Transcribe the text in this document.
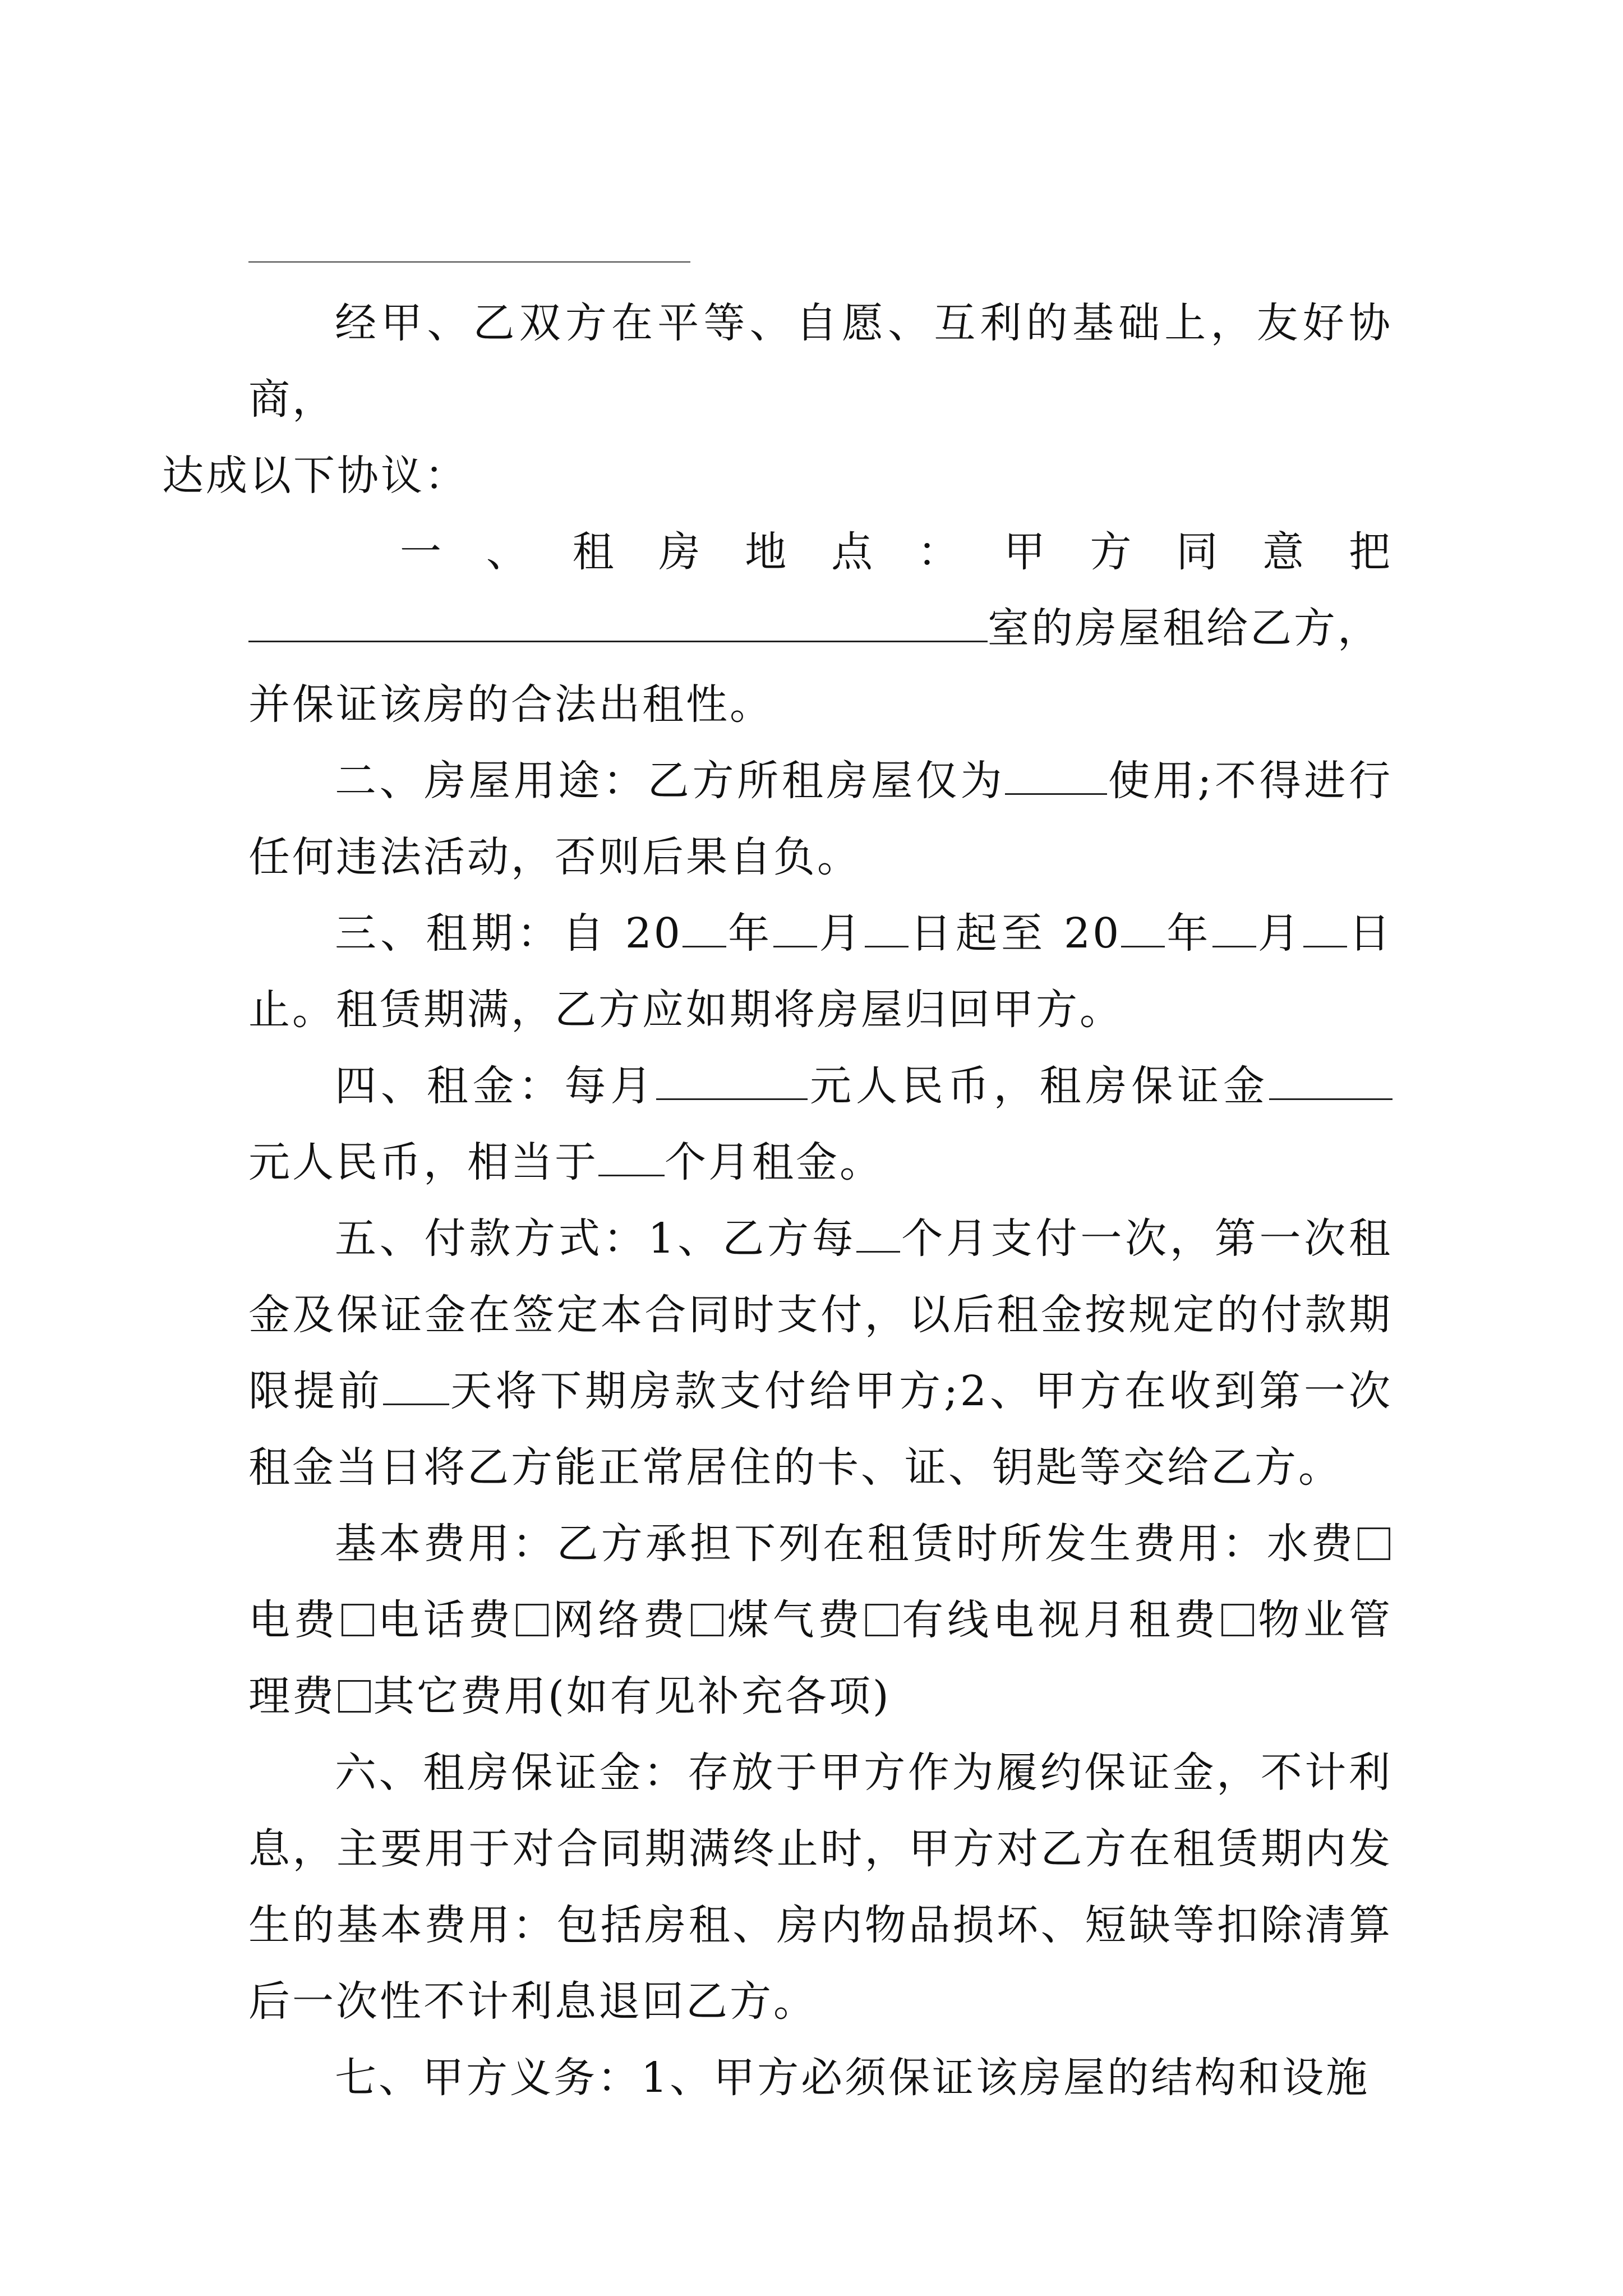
经甲、乙双方在平等、自愿、互利的基础上，友好协商，
达成以下协议：

一 、 租 房 地 点 ： 甲 方 同 意 把
室的房屋租给乙方，
并保证该房的合法出租性。

二、房屋用途：乙方所租房屋仅为 使用;不得进行任何违法活动，否则后果自负。

三、租期：自 20 年 月 日起至 20 年 月 日止。租赁期满，乙方应如期将房屋归回甲方。

四、租金：每月	元人民币，租房保证金元人民币，相当于 个月租金。

五、付款方式：1、乙方每 个月支付一次，第一次租金及保证金在签定本合同时支付，以后租金按规定的付款期限提前 天将下期房款支付给甲方;2、甲方在收到第一次租金当日将乙方能正常居住的卡、证、钥匙等交给乙方。

基本费用：乙方承担下列在租赁时所发生费用：水费电费 电话费 网络费 煤气费 有线电视月租费 物业管理费 其它费用(如有见补充各项)

六、租房保证金：存放于甲方作为履约保证金，不计利息，主要用于对合同期满终止时，甲方对乙方在租赁期内发生的基本费用：包括房租、房内物品损坏、短缺等扣除清算后一次性不计利息退回乙方。

七、甲方义务：1、甲方必须保证该房屋的结构和设施
